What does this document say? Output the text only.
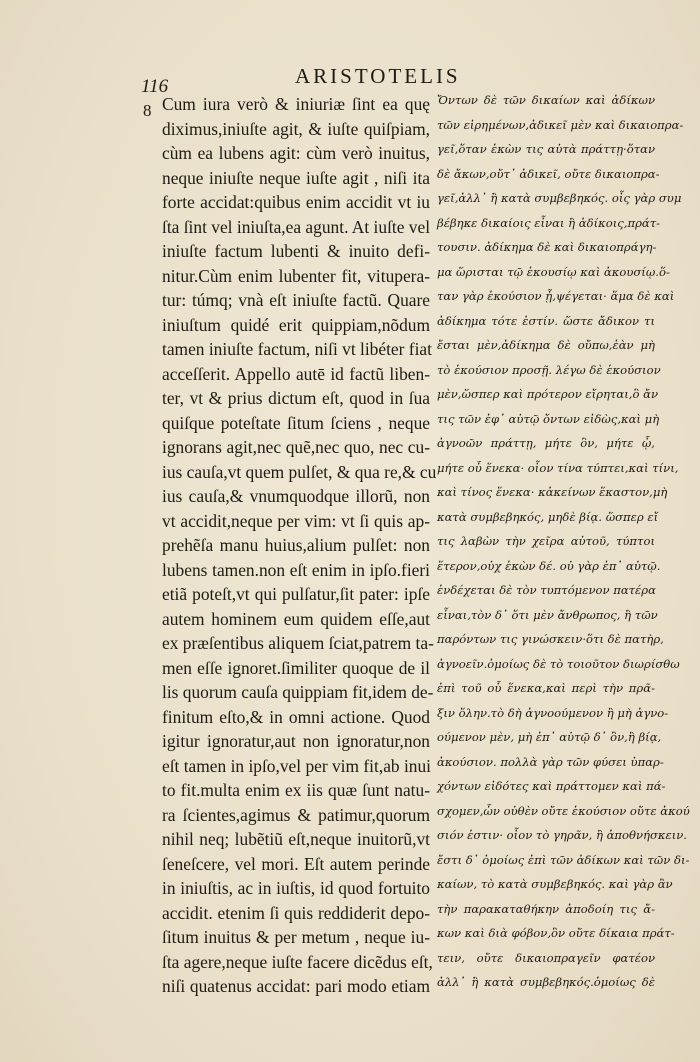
116	ARISTOTELIS
8 Cum iura verò & iniuriæ ſint ea quę
diximus,iniuſte agit, & iuſte quiſpiam,
cùm ea lubens agit: cùm verò inuitus,
neque iniuſte neque iuſte agit , niſi ita
forte accidat:quibus enim accidit vt iu
ſta ſint vel iniuſta,ea agunt. At iuſte vel
iniuſte factum lubenti & inuito defi-
nitur.Cùm enim lubenter fit, vitupera-
tur: túmq; vnà eſt iniuſte factũ. Quare
iniuſtum quidé erit quippiam,nõdum
tamen iniuſte factum, niſi vt libéter fiat
acceſſerit. Appello autē id factũ liben-
ter, vt & prius dictum eſt, quod in ſua
quiſque poteſtate ſitum ſciens , neque
ignorans agit,nec quẽ,nec quo, nec cu-
ius cauſa,vt quem pulſet, & qua re,& cu
ius cauſa,& vnumquodque illorũ, non
vt accidit,neque per vim: vt ſi quis ap-
prehẽſa manu huius,alium pulſet: non
lubens tamen.non eſt enim in ipſo.fieri
etiã poteſt,vt qui pulſatur,ſit pater: ipſe
autem hominem eum quidem eſſe,aut
ex præſentibus aliquem ſciat,patrem ta-
men eſſe ignoret.ſimiliter quoque de il
lis quorum cauſa quippiam fit,idem de-
finitum eſto,& in omni actione. Quod
igitur ignoratur,aut non ignoratur,non
eſt tamen in ipſo,vel per vim fit,ab inui
to fit.multa enim ex iis quæ ſunt natu-
ra ſcientes,agimus & patimur,quorum
nihil neq; lubẽtiũ eſt,neque inuitorũ,vt
ſeneſcere, vel mori. Eſt autem perinde
in iniuſtis, ac in iuſtis, id quod fortuito
accidit. etenim ſi quis reddiderit depo-
ſitum inuitus & per metum , neque iu-
ſta agere,neque iuſte facere dicẽdus eſt,
niſi quatenus accidat: pari modo etiam
Ὄντων δὲ τῶν δικαίων καὶ ἀδίκων
τῶν εἰρημένων,ἀδικεῖ μὲν καὶ δικαιοπρα-
γεῖ,ὅταν ἑκὼν τις αὐτὰ πράττῃ·ὅταν
δὲ ἄκων,οὔτ᾽ ἀδικεῖ, οὔτε δικαιοπρα-
γεῖ,ἀλλ᾽ ἢ κατὰ συμβεβηκός. οἷς γὰρ συμ
βέβηκε δικαίοις εἶναι ἢ ἀδίκοις,πράτ-
τουσιν. ἀδίκημα δὲ καὶ δικαιοπράγη-
μα ὥρισται τῷ ἑκουσίῳ καὶ ἀκουσίῳ.ὅ-
ταν γὰρ ἑκούσιον ᾖ,ψέγεται· ἅμα δὲ καὶ
ἀδίκημα τότε ἐστίν. ὥστε ἄδικον τι
ἔσται μὲν,ἀδίκημα δὲ οὔπω,ἐὰν μὴ
τὸ ἑκούσιον προσῇ. λέγω δὲ ἑκούσιον
μὲν,ὥσπερ καὶ πρότερον εἴρηται,ὃ ἄν
τις τῶν ἐφ᾽ αὑτῷ ὄντων εἰδὼς,καὶ μὴ
ἀγνοῶν πράττῃ, μήτε ὃν, μήτε ᾧ,
μήτε οὗ ἕνεκα· οἷον τίνα τύπτει,καὶ τίνι,
καὶ τίνος ἕνεκα· κἀκείνων ἕκαστον,μὴ
κατὰ συμβεβηκός, μηδὲ βίᾳ. ὥσπερ εἴ
τις λαβὼν τὴν χεῖρα αὐτοῦ, τύπτοι
ἕτερον,οὐχ ἑκὼν δέ. οὐ γὰρ ἐπ᾽ αὐτῷ.
ἐνδέχεται δὲ τὸν τυπτόμενον πατέρα
εἶναι,τὸν δ᾽ ὅτι μὲν ἄνθρωπος, ἢ τῶν
παρόντων τις γινώσκειν·ὅτι δὲ πατὴρ,
ἀγνοεῖν.ὁμοίως δὲ τὸ τοιοῦτον διωρίσθω
ἐπὶ τοῦ οὗ ἕνεκα,καὶ περὶ τὴν πρᾶ-
ξιν ὅλην.τὸ δὴ ἀγνοούμενον ἢ μὴ ἀγνο-
ούμενον μὲν, μὴ ἐπ᾽ αὐτῷ δ᾽ ὂν,ἢ βίᾳ,
ἀκούσιον. πολλὰ γὰρ τῶν φύσει ὑπαρ-
χόντων εἰδότες καὶ πράττομεν καὶ πά-
σχομεν,ὧν οὐθὲν οὔτε ἑκούσιον οὔτε ἀκού
σιόν ἐστιν· οἷον τὸ γηρᾶν, ἢ ἀποθνήσκειν.
ἔστι δ᾽ ὁμοίως ἐπὶ τῶν ἀδίκων καὶ τῶν δι-
καίων, τὸ κατὰ συμβεβηκός. καὶ γὰρ ἂν
τὴν παρακαταθήκην ἀποδοίη τις ἄ-
κων καὶ διὰ φόβον,ὃν οὔτε δίκαια πράτ-
τειν, οὔτε δικαιοπραγεῖν φατέον
ἀλλ᾽ ἢ κατὰ συμβεβηκός.ὁμοίως δὲ
